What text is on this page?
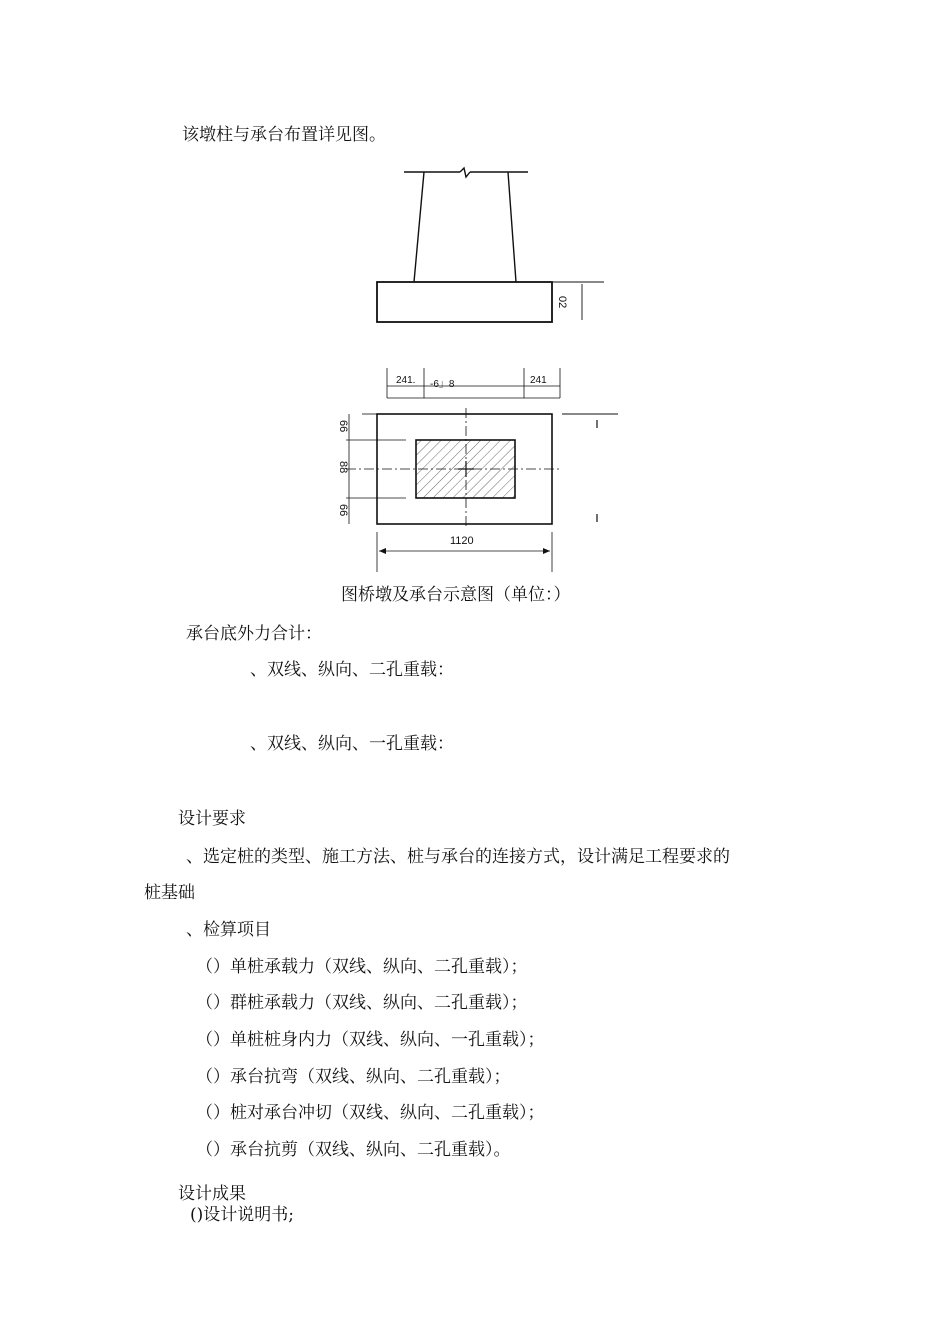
该墩柱与承台布置详见图。
02
241. -6」8	241
66
88
66
1120
图桥墩及承台示意图（单位：）
承台底外力合计：
、双线、纵向、二孔重载：
、双线、纵向、一孔重载：
设计要求
、选定桩的类型、施工方法、桩与承台的连接方式，设计满足工程要求的
桩基础
、检算项目
（）单桩承载力（双线、纵向、二孔重载）；
（）群桩承载力（双线、纵向、二孔重载）；
（）单桩桩身内力（双线、纵向、一孔重载）；
（）承台抗弯（双线、纵向、二孔重载）；
（）桩对承台冲切（双线、纵向、二孔重载）；
（）承台抗剪（双线、纵向、二孔重载）。
设计成果
()设计说明书;
